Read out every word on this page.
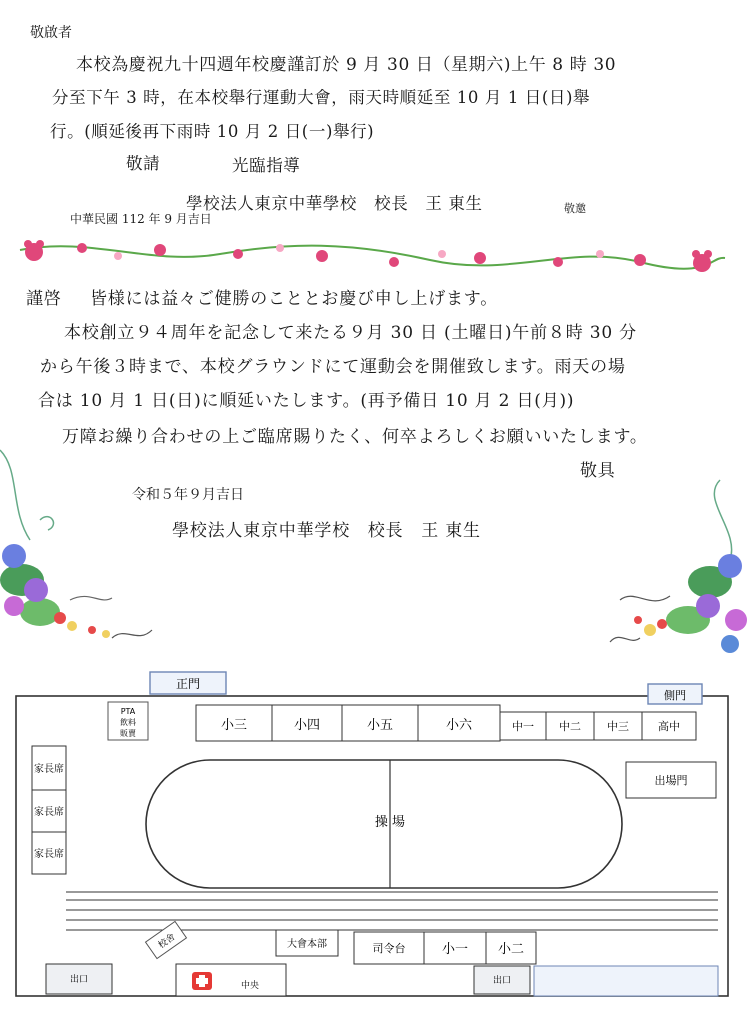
敬啟者
本校為慶祝九十四週年校慶謹訂於 9 月 30 日（星期六)上午 8 時 30
分至下午 3 時，在本校舉行運動大會，雨天時順延至 10 月 1 日(日)舉
行。(順延後再下雨時 10 月 2 日(一)舉行)
敬請	光臨指導
學校法人東京中華學校　校長　王 東生	敬邀
中華民國 112 年 9 月吉日
謹啓 皆様には益々ご健勝のこととお慶び申し上げます。
本校創立９４周年を記念して来たる９月 30 日 (土曜日)午前８時 30 分
から午後３時まで、本校グラウンドにて運動会を開催致します。雨天の場
合は 10 月 1 日(日)に順延いたします。(再予備日 10 月 2 日(月))
万障お繰り合わせの上ご臨席賜りたく、何卒よろしくお願いいたします。
敬具
令和５年９月吉日
學校法人東京中華学校　校長　王 東生
正門
側門
PTA
飲料
販賣
小三	小四	小五	小六	中一 中二 中三	高中
出場門
家長席
家長席
家長席
操 場
校舍	大會本部	司令台	小一 小二
出口
中央	出口
